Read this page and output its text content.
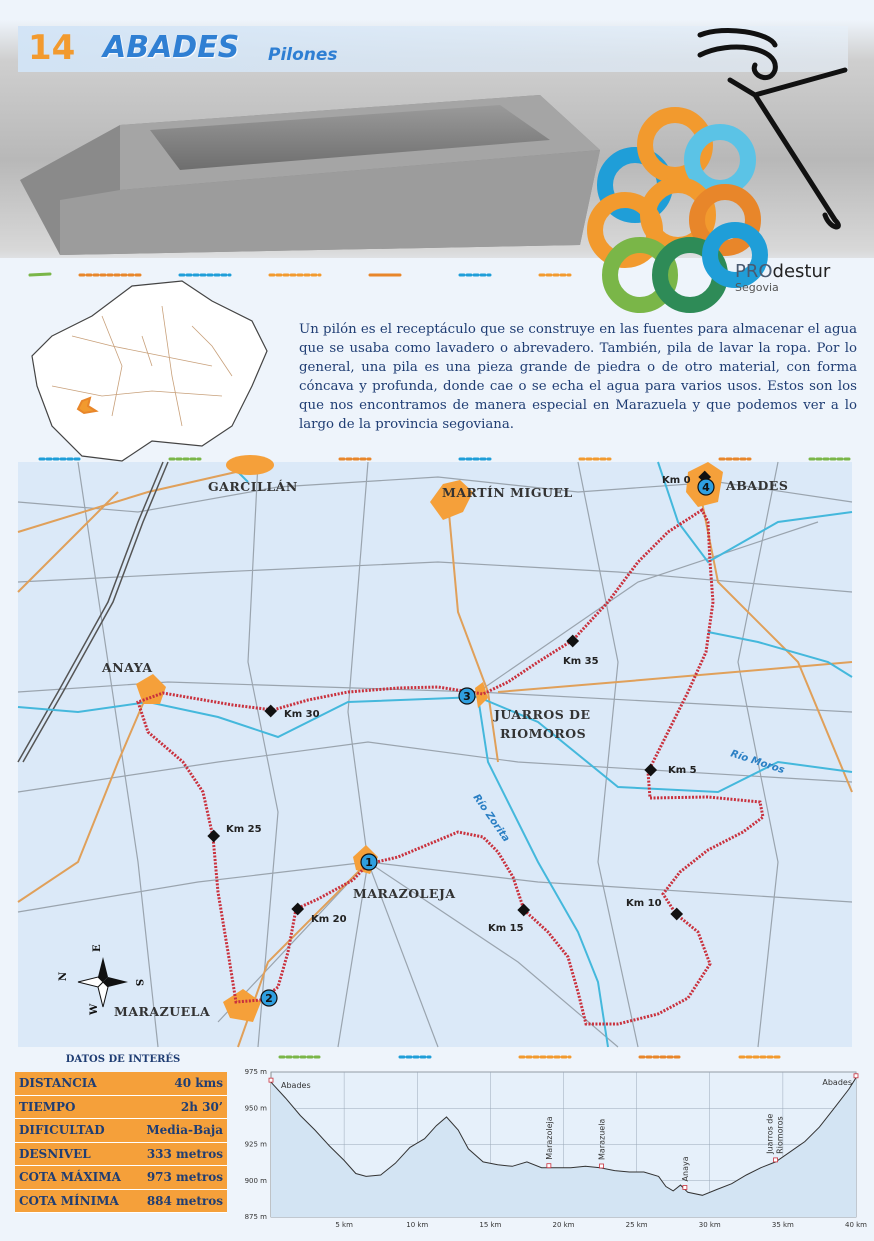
14 ABADES Pilones
PROdestur
Segovia
Un pilón es el receptáculo que se construye en las fuentes para almacenar el agua que se usaba como lavadero o abrevadero. También, pila de lavar la ropa. Por lo general, una pila es una pieza grande de piedra o de otro material, con forma cóncava y profunda, donde cae o se echa el agua para varios usos. Estos son los que nos encontramos de manera especial en Marazuela y que podemos ver a lo largo de la provincia segoviana.
Km 0
Km 5
Km 10
Km 15
Km 20
Km 25
Km 30
Km 35
1
2
3
4
GARCILLÁN	MARTÍN MIGUEL	ABADES
ANAYA
JUARROS DE
RIOMOROS
MARAZOLEJA
MARAZUELA
Río Zorita
Río Moros
N
S
E
W
DATOS DE INTERÉS
DISTANCIA	40 kms
TIEMPO	2h 30’
DIFICULTAD	Media-Baja
DESNIVEL	333 metros
COTA MÁXIMA	973 metros
COTA MÍNIMA	884 metros
975 m
950 m
925 m
900 m
875 m
5 km	10 km	15 km	20 km	25 km	30 km	35 km	40 km
Abades
Marazoleja	Marazuela
Anaya
Juarros de Riomoros
Abades
